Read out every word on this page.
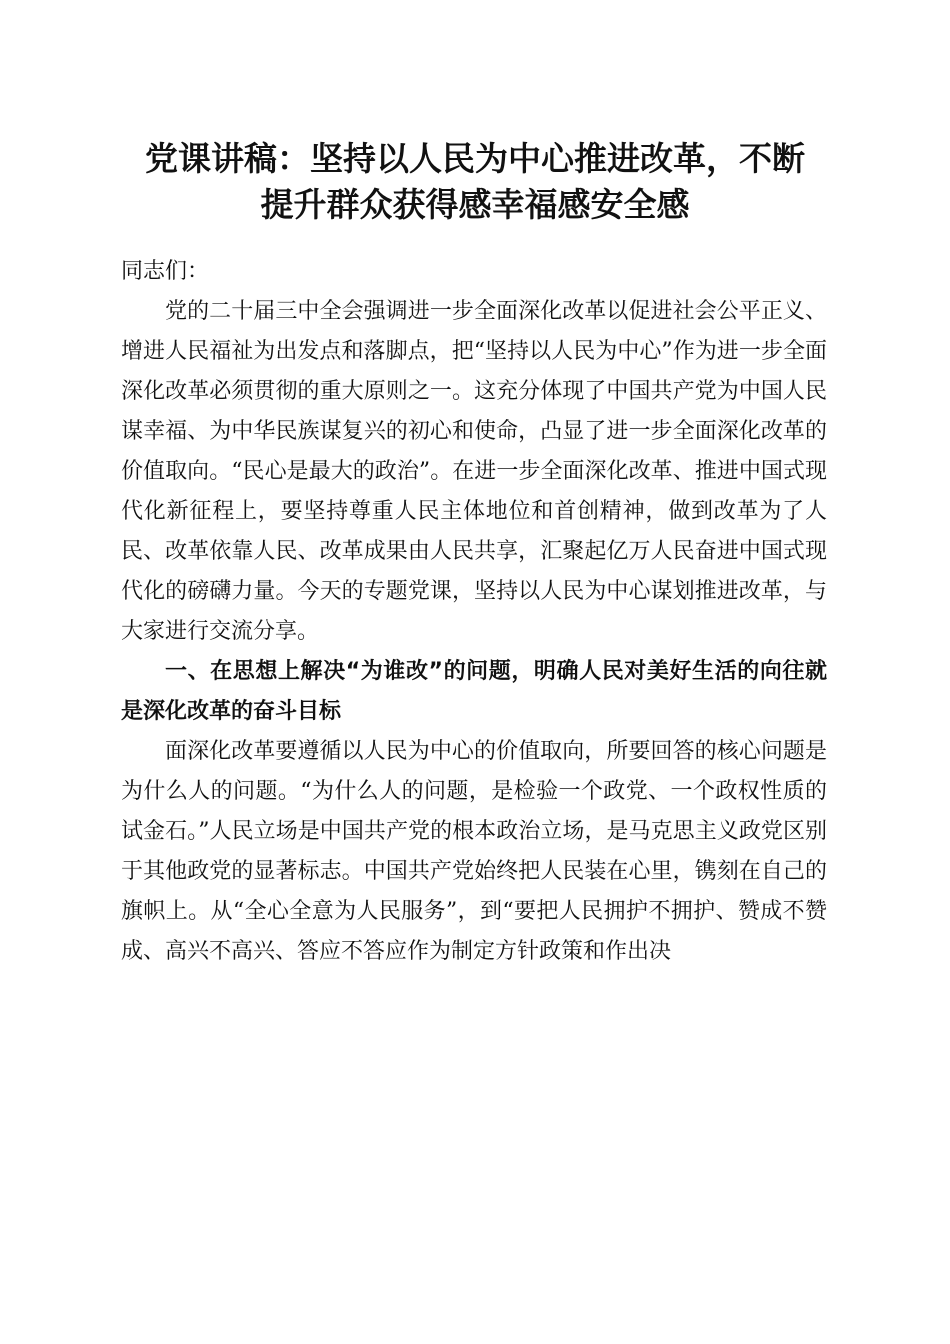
党课讲稿：坚持以人民为中心推进改革，不断
提升群众获得感幸福感安全感

同志们：

党的二十届三中全会强调进一步全面深化改革以促进社会公平正义、增进人民福祉为出发点和落脚点，把“坚持以人民为中心”作为进一步全面深化改革必须贯彻的重大原则之一。这充分体现了中国共产党为中国人民谋幸福、为中华民族谋复兴的初心和使命，凸显了进一步全面深化改革的价值取向。“民心是最大的政治”。在进一步全面深化改革、推进中国式现代化新征程上，要坚持尊重人民主体地位和首创精神，做到改革为了人民、改革依靠人民、改革成果由人民共享，汇聚起亿万人民奋进中国式现代化的磅礴力量。今天的专题党课，坚持以人民为中心谋划推进改革，与大家进行交流分享。

一、在思想上解决“为谁改”的问题，明确人民对美好生活的向往就是深化改革的奋斗目标

面深化改革要遵循以人民为中心的价值取向，所要回答的核心问题是为什么人的问题。“为什么人的问题，是检验一个政党、一个政权性质的试金石。”人民立场是中国共产党的根本政治立场，是马克思主义政党区别于其他政党的显著标志。中国共产党始终把人民装在心里，镌刻在自己的旗帜上。从“全心全意为人民服务”，到“要把人民拥护不拥护、赞成不赞成、高兴不高兴、答应不答应作为制定方针政策和作出决
